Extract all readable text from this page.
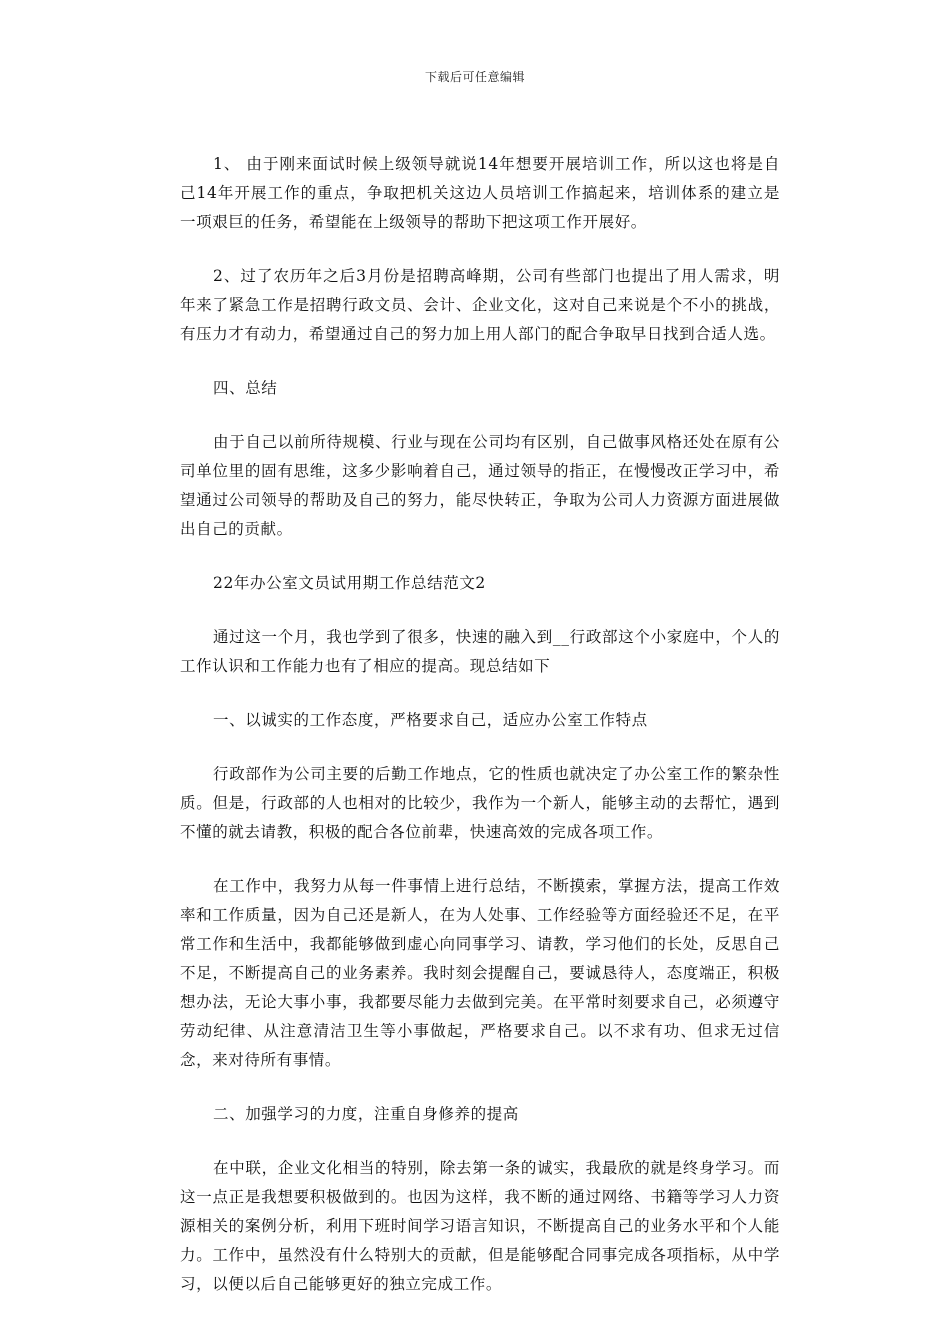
下载后可任意编辑

1、 由于刚来面试时候上级领导就说14年想要开展培训工作，所以这也将是自己14年开展工作的重点，争取把机关这边人员培训工作搞起来，培训体系的建立是一项艰巨的任务，希望能在上级领导的帮助下把这项工作开展好。

2、过了农历年之后3月份是招聘高峰期，公司有些部门也提出了用人需求，明年来了紧急工作是招聘行政文员、会计、企业文化，这对自己来说是个不小的挑战，有压力才有动力，希望通过自己的努力加上用人部门的配合争取早日找到合适人选。

四、总结

由于自己以前所待规模、行业与现在公司均有区别，自己做事风格还处在原有公司单位里的固有思维，这多少影响着自己，通过领导的指正，在慢慢改正学习中，希望通过公司领导的帮助及自己的努力，能尽快转正，争取为公司人力资源方面进展做出自己的贡献。

22年办公室文员试用期工作总结范文2

通过这一个月，我也学到了很多，快速的融入到__行政部这个小家庭中，个人的工作认识和工作能力也有了相应的提高。现总结如下

一、以诚实的工作态度，严格要求自己，适应办公室工作特点

行政部作为公司主要的后勤工作地点，它的性质也就决定了办公室工作的繁杂性质。但是，行政部的人也相对的比较少，我作为一个新人，能够主动的去帮忙，遇到不懂的就去请教，积极的配合各位前辈，快速高效的完成各项工作。

在工作中，我努力从每一件事情上进行总结，不断摸索，掌握方法，提高工作效率和工作质量，因为自己还是新人，在为人处事、工作经验等方面经验还不足，在平常工作和生活中，我都能够做到虚心向同事学习、请教，学习他们的长处，反思自己不足，不断提高自己的业务素养。我时刻会提醒自己，要诚恳待人，态度端正，积极想办法，无论大事小事，我都要尽能力去做到完美。在平常时刻要求自己，必须遵守劳动纪律、从注意清洁卫生等小事做起，严格要求自己。以不求有功、但求无过信念，来对待所有事情。

二、加强学习的力度，注重自身修养的提高

在中联，企业文化相当的特别，除去第一条的诚实，我最欣的就是终身学习。而这一点正是我想要积极做到的。也因为这样，我不断的通过网络、书籍等学习人力资源相关的案例分析，利用下班时间学习语言知识，不断提高自己的业务水平和个人能力。工作中，虽然没有什么特别大的贡献，但是能够配合同事完成各项指标，从中学习，以便以后自己能够更好的独立完成工作。
